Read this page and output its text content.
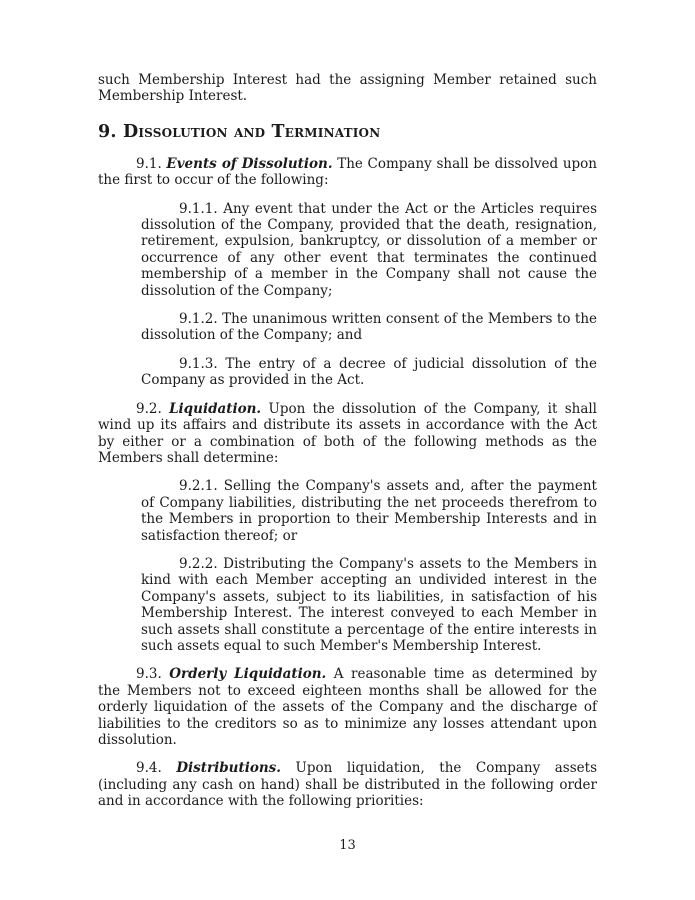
such Membership Interest had the assigning Member retained such Membership Interest.

9. Dissolution and Termination

9.1. Events of Dissolution. The Company shall be dissolved upon the first to occur of the following:

9.1.1. Any event that under the Act or the Articles requires dissolution of the Company, provided that the death, resignation, retirement, expulsion, bankruptcy, or dissolution of a member or occurrence of any other event that terminates the continued membership of a member in the Company shall not cause the dissolution of the Company;

9.1.2. The unanimous written consent of the Members to the dissolution of the Company; and

9.1.3. The entry of a decree of judicial dissolution of the Company as provided in the Act.

9.2. Liquidation. Upon the dissolution of the Company, it shall wind up its affairs and distribute its assets in accordance with the Act by either or a combination of both of the following methods as the Members shall determine:

9.2.1. Selling the Company's assets and, after the payment of Company liabilities, distributing the net proceeds therefrom to the Members in proportion to their Membership Interests and in satisfaction thereof; or

9.2.2. Distributing the Company's assets to the Members in kind with each Member accepting an undivided interest in the Company's assets, subject to its liabilities, in satisfaction of his Membership Interest. The interest conveyed to each Member in such assets shall constitute a percentage of the entire interests in such assets equal to such Member's Membership Interest.

9.3. Orderly Liquidation. A reasonable time as determined by the Members not to exceed eighteen months shall be allowed for the orderly liquidation of the assets of the Company and the discharge of liabilities to the creditors so as to minimize any losses attendant upon dissolution.

9.4. Distributions. Upon liquidation, the Company assets (including any cash on hand) shall be distributed in the following order and in accordance with the following priorities:

13
